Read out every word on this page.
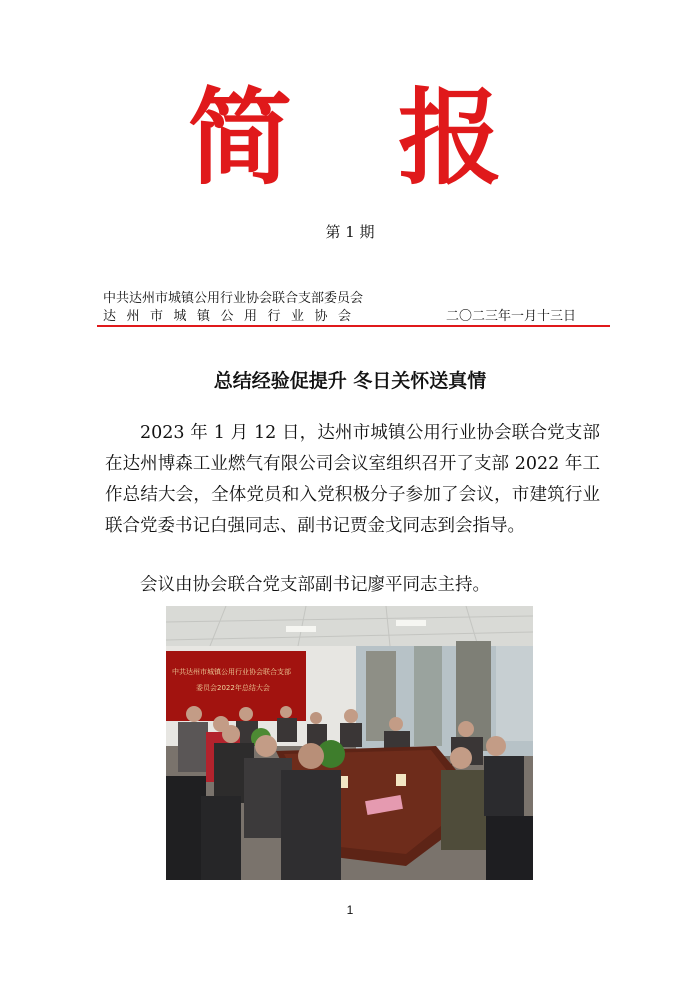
简 报
第 1 期
中共达州市城镇公用行业协会联合支部委员会
达州市城镇公用行业协会	二〇二三年一月十三日
总结经验促提升 冬日关怀送真情
2023 年 1 月 12 日，达州市城镇公用行业协会联合党支部在达州博森工业燃气有限公司会议室组织召开了支部 2022 年工作总结大会，全体党员和入党积极分子参加了会议，市建筑行业联合党委书记白强同志、副书记贾金戈同志到会指导。
会议由协会联合党支部副书记廖平同志主持。
中共达州市城镇公用行业协会联合支部
委员会2022年总结大会
1
